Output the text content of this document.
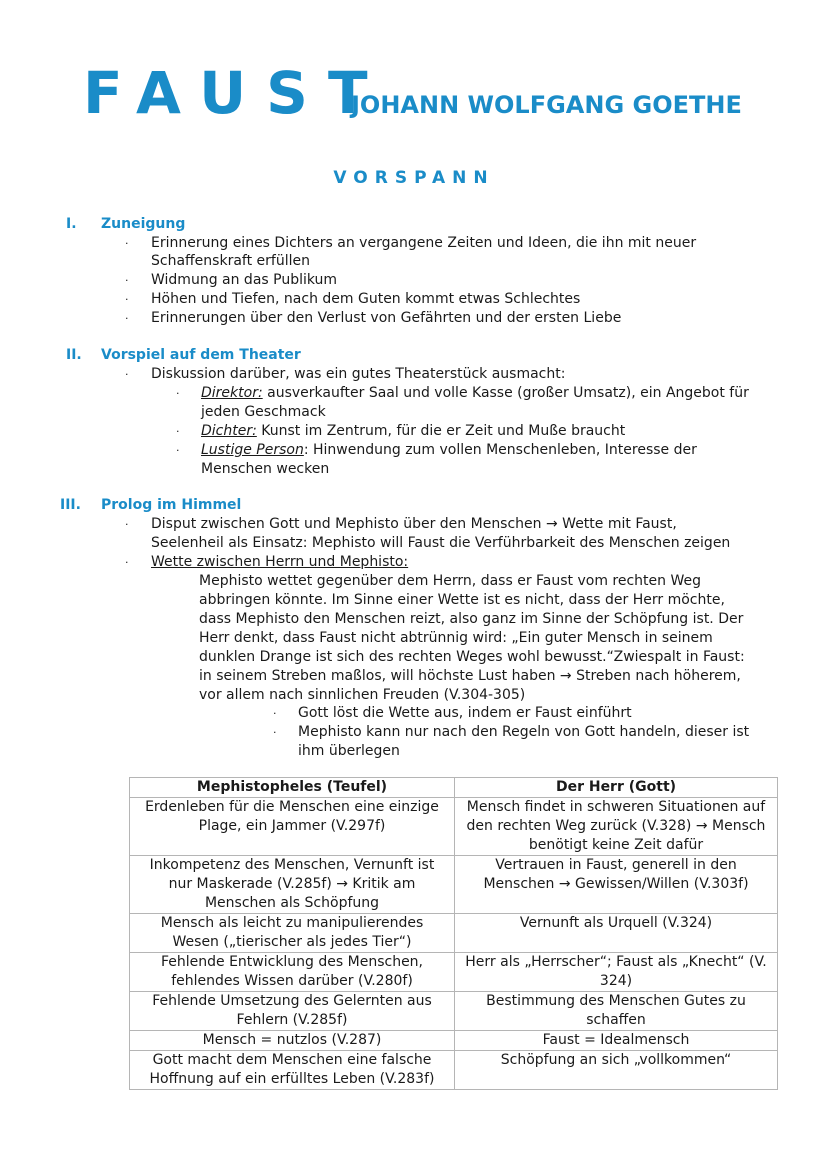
FAUST
JOHANN WOLFGANG GOETHE
VORSPANN
I. Zuneigung
· Erinnerung eines Dichters an vergangene Zeiten und Ideen, die ihn mit neuer
Schaffenskraft erfüllen
· Widmung an das Publikum
· Höhen und Tiefen, nach dem Guten kommt etwas Schlechtes
· Erinnerungen über den Verlust von Gefährten und der ersten Liebe
II. Vorspiel auf dem Theater
· Diskussion darüber, was ein gutes Theaterstück ausmacht:
· Direktor: ausverkaufter Saal und volle Kasse (großer Umsatz), ein Angebot für
jeden Geschmack
· Dichter: Kunst im Zentrum, für die er Zeit und Muße braucht
· Lustige Person: Hinwendung zum vollen Menschenleben, Interesse der
Menschen wecken
III. Prolog im Himmel
· Disput zwischen Gott und Mephisto über den Menschen → Wette mit Faust,
Seelenheil als Einsatz: Mephisto will Faust die Verführbarkeit des Menschen zeigen
· Wette zwischen Herrn und Mephisto:
Mephisto wettet gegenüber dem Herrn, dass er Faust vom rechten Weg
abbringen könnte. Im Sinne einer Wette ist es nicht, dass der Herr möchte,
dass Mephisto den Menschen reizt, also ganz im Sinne der Schöpfung ist. Der
Herr denkt, dass Faust nicht abtrünnig wird: „Ein guter Mensch in seinem
dunklen Drange ist sich des rechten Weges wohl bewusst.“Zwiespalt in Faust:
in seinem Streben maßlos, will höchste Lust haben → Streben nach höherem,
vor allem nach sinnlichen Freuden (V.304-305)
· Gott löst die Wette aus, indem er Faust einführt
· Mephisto kann nur nach den Regeln von Gott handeln, dieser ist
ihm überlegen
Mephistopheles (Teufel)	Der Herr (Gott)
Erdenleben für die Menschen eine einzige Plage, ein Jammer (V.297f)	Mensch findet in schweren Situationen auf den rechten Weg zurück (V.328) → Mensch benötigt keine Zeit dafür
Inkompetenz des Menschen, Vernunft ist nur Maskerade (V.285f) → Kritik am Menschen als Schöpfung	Vertrauen in Faust, generell in den Menschen → Gewissen/Willen (V.303f)
Mensch als leicht zu manipulierendes Wesen („tierischer als jedes Tier“)	Vernunft als Urquell (V.324)
Fehlende Entwicklung des Menschen, fehlendes Wissen darüber (V.280f)	Herr als „Herrscher“; Faust als „Knecht“ (V. 324)
Fehlende Umsetzung des Gelernten aus Fehlern (V.285f)	Bestimmung des Menschen Gutes zu schaffen
Mensch = nutzlos (V.287)	Faust = Idealmensch
Gott macht dem Menschen eine falsche Hoffnung auf ein erfülltes Leben (V.283f)	Schöpfung an sich „vollkommen“
